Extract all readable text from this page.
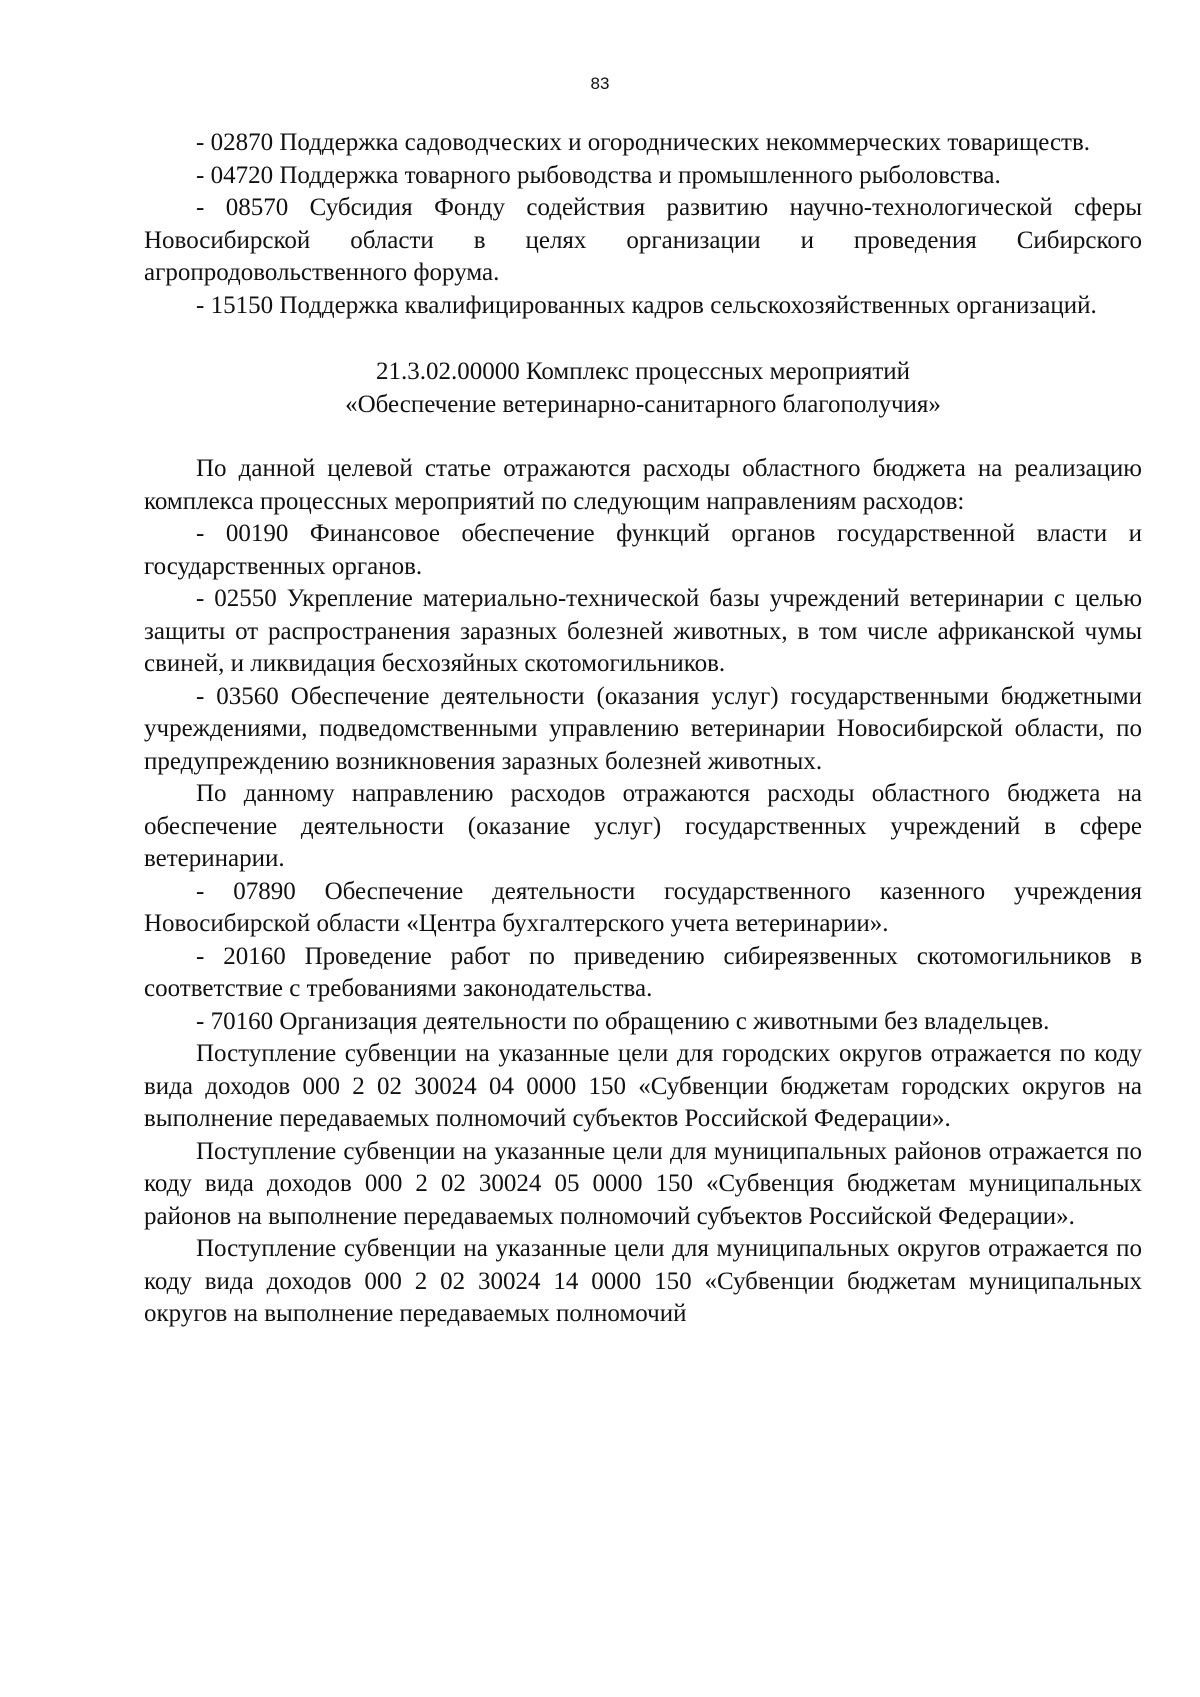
83

- 02870 Поддержка садоводческих и огороднических некоммерческих товариществ.

- 04720 Поддержка товарного рыбоводства и промышленного рыболовства.

- 08570 Субсидия Фонду содействия развитию научно-технологической сферы Новосибирской области в целях организации и проведения Сибирского агропродовольственного форума.

- 15150 Поддержка квалифицированных кадров сельскохозяйственных организаций.

21.3.02.00000 Комплекс процессных мероприятий

«Обеспечение ветеринарно-санитарного благополучия»

По данной целевой статье отражаются расходы областного бюджета на реализацию комплекса процессных мероприятий по следующим направлениям расходов:

- 00190 Финансовое обеспечение функций органов государственной власти и государственных органов.

- 02550 Укрепление материально-технической базы учреждений ветеринарии с целью защиты от распространения заразных болезней животных, в том числе африканской чумы свиней, и ликвидация бесхозяйных скотомогильников.

- 03560 Обеспечение деятельности (оказания услуг) государственными бюджетными учреждениями, подведомственными управлению ветеринарии Новосибирской области, по предупреждению возникновения заразных болезней животных.

По данному направлению расходов отражаются расходы областного бюджета на обеспечение деятельности (оказание услуг) государственных учреждений в сфере ветеринарии.

- 07890 Обеспечение деятельности государственного казенного учреждения Новосибирской области «Центра бухгалтерского учета ветеринарии».

- 20160 Проведение работ по приведению сибиреязвенных скотомогильников в соответствие с требованиями законодательства.

- 70160 Организация деятельности по обращению с животными без владельцев.

Поступление субвенции на указанные цели для городских округов отражается по коду вида доходов 000 2 02 30024 04 0000 150 «Субвенции бюджетам городских округов на выполнение передаваемых полномочий субъектов Российской Федерации».

Поступление субвенции на указанные цели для муниципальных районов отражается по коду вида доходов 000 2 02 30024 05 0000 150 «Субвенция бюджетам муниципальных районов на выполнение передаваемых полномочий субъектов Российской Федерации».

Поступление субвенции на указанные цели для муниципальных округов отражается по коду вида доходов 000 2 02 30024 14 0000 150 «Субвенции бюджетам муниципальных округов на выполнение передаваемых полномочий
